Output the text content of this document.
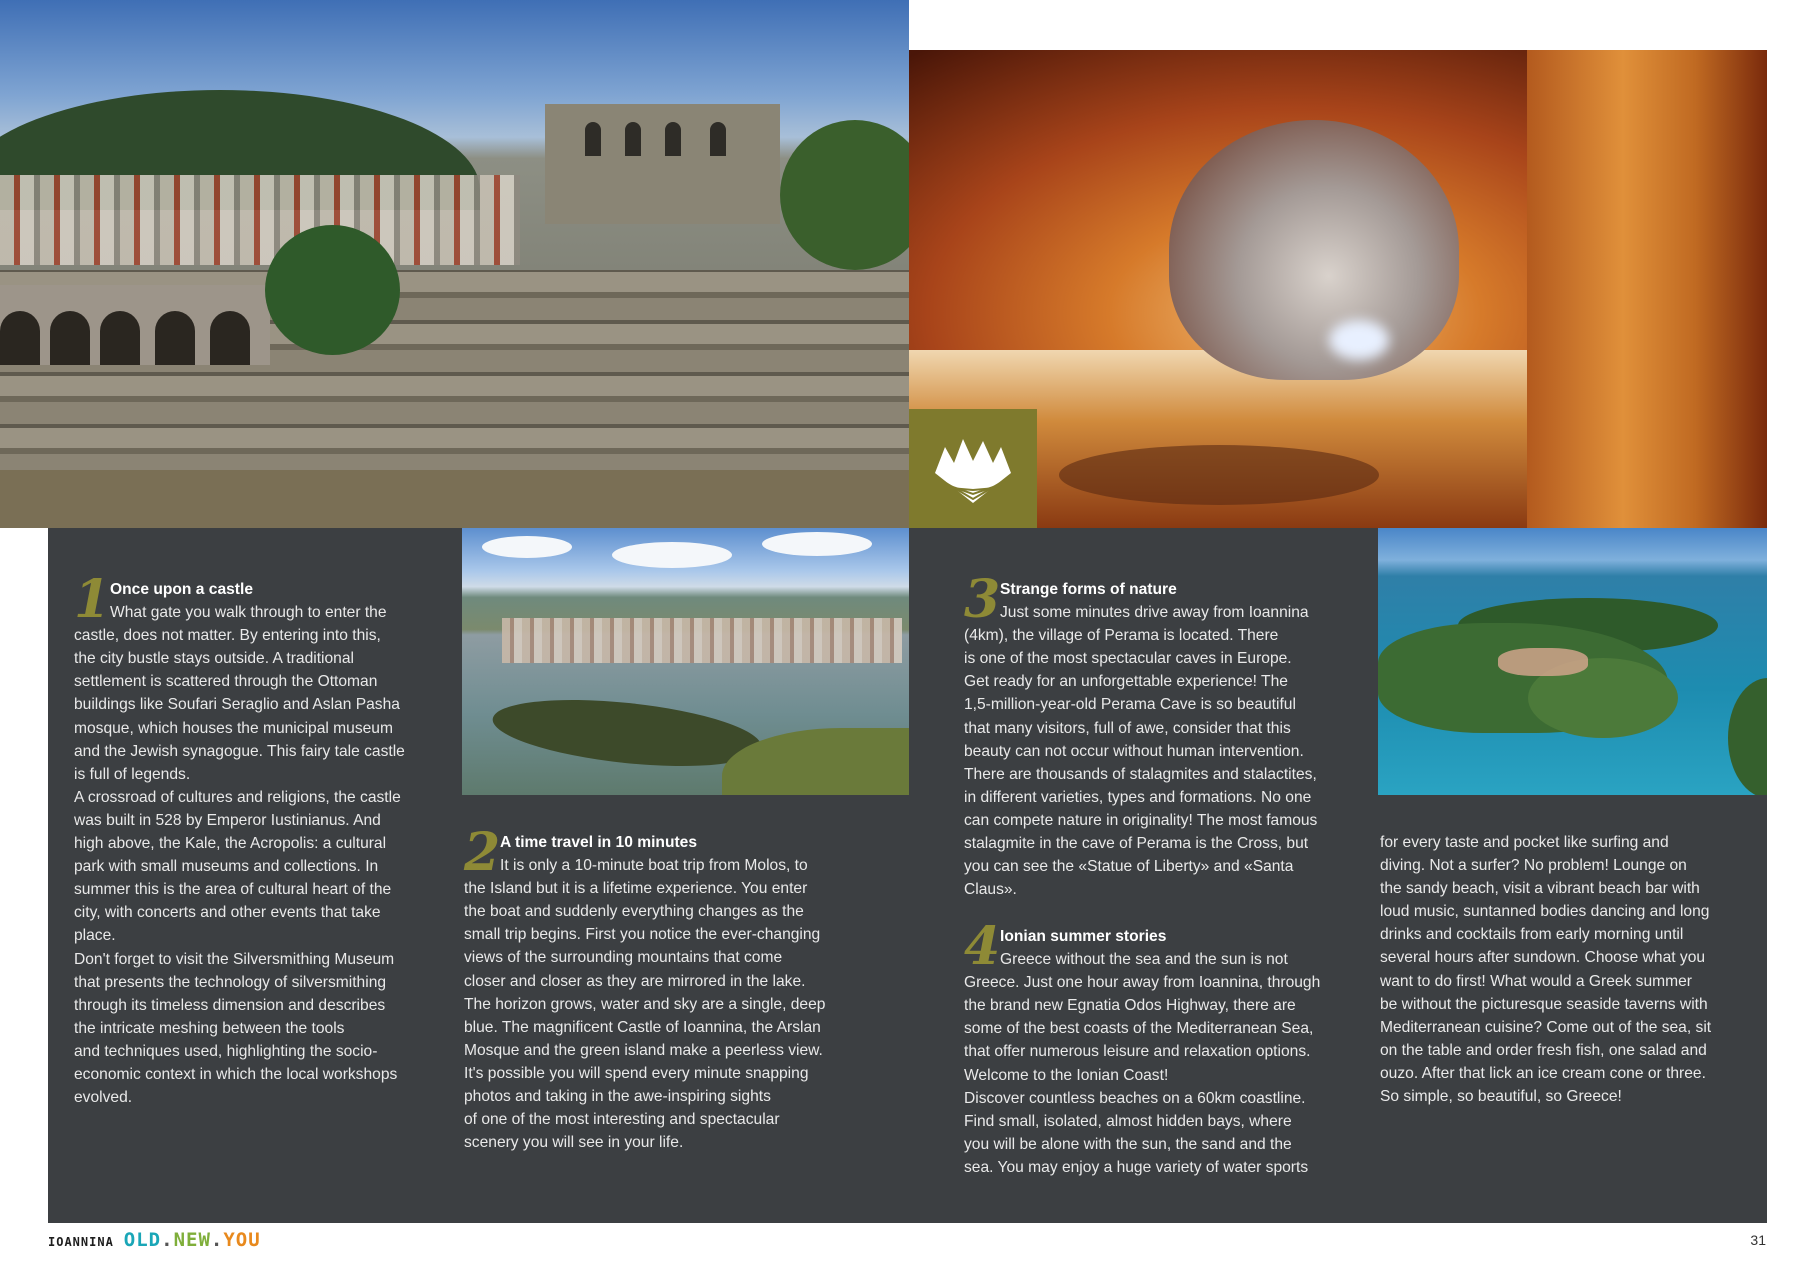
1 Once upon a castle

What gate you walk through to enter the

castle, does not matter. By entering into this,

the city bustle stays outside. A traditional

settlement is scattered through the Ottoman

buildings like Soufari Seraglio and Aslan Pasha

mosque, which houses the municipal museum

and the Jewish synagogue. This fairy tale castle

is full of legends.

A crossroad of cultures and religions, the castle

was built in 528 by Emperor Iustinianus. And

high above, the Kale, the Acropolis: a cultural

park with small museums and collections. In

summer this is the area of cultural heart of the

city, with concerts and other events that take

place.

Don't forget to visit the Silversmithing Museum

that presents the technology of silversmithing

through its timeless dimension and describes

the intricate meshing between the tools

and techniques used, highlighting the socio-

economic context in which the local workshops

evolved.

2 A time travel in 10 minutes

It is only a 10-minute boat trip from Molos, to

the Island but it is a lifetime experience. You enter

the boat and suddenly everything changes as the

small trip begins. First you notice the ever-changing

views of the surrounding mountains that come

closer and closer as they are mirrored in the lake.

The horizon grows, water and sky are a single, deep

blue. The magnificent Castle of Ioannina, the Arslan

Mosque and the green island make a peerless view.

It's possible you will spend every minute snapping

photos and taking in the awe-inspiring sights

of one of the most interesting and spectacular

scenery you will see in your life.

3 Strange forms of nature

Just some minutes drive away from Ioannina

(4km), the village of Perama is located. There

is one of the most spectacular caves in Europe.

Get ready for an unforgettable experience! The

1,5-million-year-old Perama Cave is so beautiful

that many visitors, full of awe, consider that this

beauty can not occur without human intervention.

There are thousands of stalagmites and stalactites,

in different varieties, types and formations. No one

can compete nature in originality! The most famous

stalagmite in the cave of Perama is the Cross, but

you can see the «Statue of Liberty» and «Santa

Claus».

4 Ionian summer stories

Greece without the sea and the sun is not

Greece. Just one hour away from Ioannina, through

the brand new Egnatia Odos Highway, there are

some of the best coasts of the Mediterranean Sea,

that offer numerous leisure and relaxation options.

Welcome to the Ionian Coast!

Discover countless beaches on a 60km coastline.

Find small, isolated, almost hidden bays, where

you will be alone with the sun, the sand and the

sea. You may enjoy a huge variety of water sports

for every taste and pocket like surfing and

diving. Not a surfer? No problem! Lounge on

the sandy beach, visit a vibrant beach bar with

loud music, suntanned bodies dancing and long

drinks and cocktails from early morning until

several hours after sundown. Choose what you

want to do first! What would a Greek summer

be without the picturesque seaside taverns with

Mediterranean cuisine? Come out of the sea, sit

on the table and order fresh fish, one salad and

ouzo. After that lick an ice cream cone or three.

So simple, so beautiful, so Greece!

IOANNINA OLD . NEW . YOU	31
